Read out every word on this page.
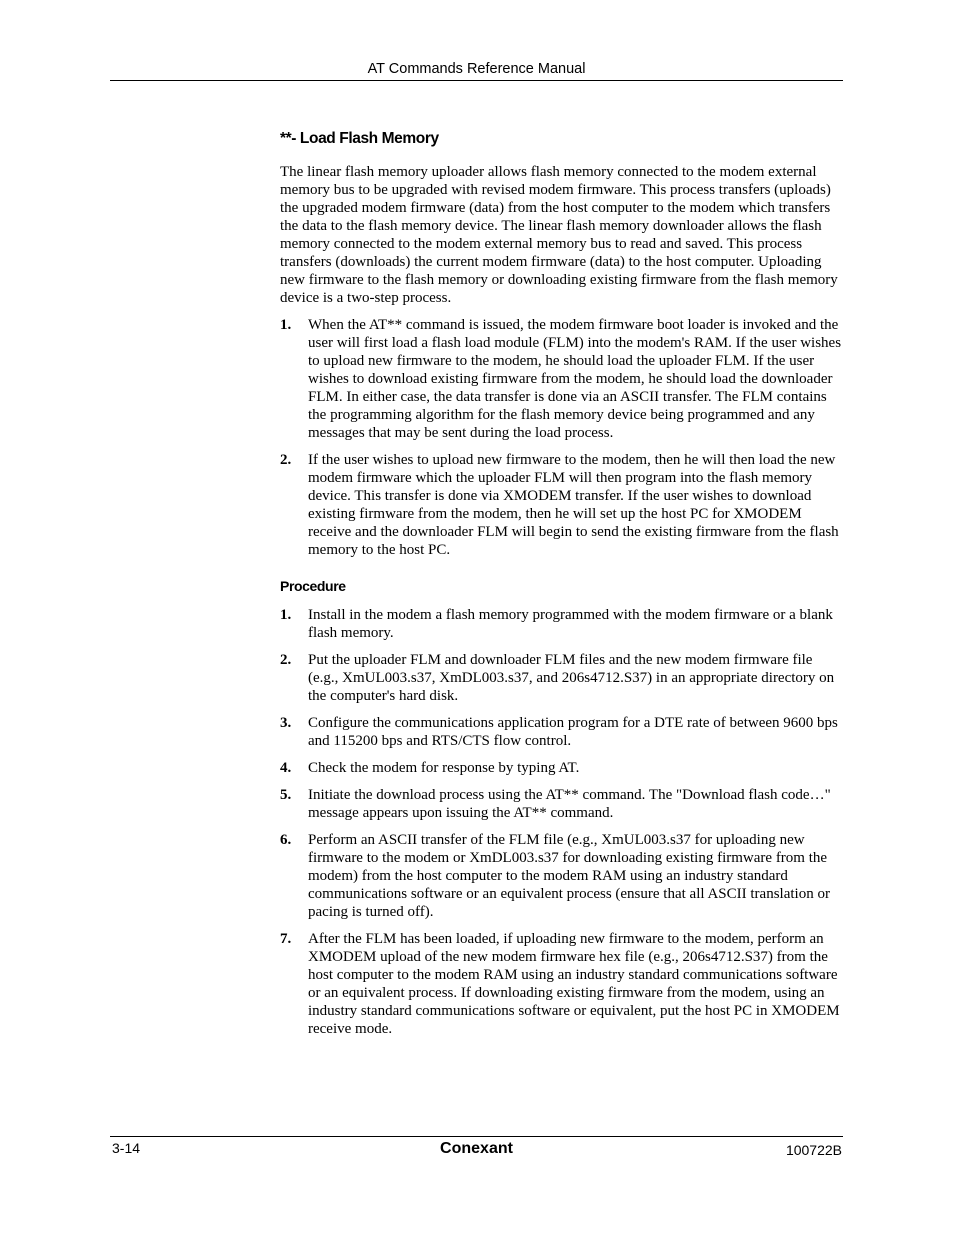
AT Commands Reference Manual
**- Load Flash Memory

The linear flash memory uploader allows flash memory connected to the modem external memory bus to be upgraded with revised modem firmware. This process transfers (uploads) the upgraded modem firmware (data) from the host computer to the modem which transfers the data to the flash memory device. The linear flash memory downloader allows the flash memory connected to the modem external memory bus to read and saved. This process transfers (downloads) the current modem firmware (data) to the host computer. Uploading new firmware to the flash memory or downloading existing firmware from the flash memory device is a two-step process.

1. When the AT** command is issued, the modem firmware boot loader is invoked and the user will first load a flash load module (FLM) into the modem's RAM. If the user wishes to upload new firmware to the modem, he should load the uploader FLM. If the user wishes to download existing firmware from the modem, he should load the downloader FLM. In either case, the data transfer is done via an ASCII transfer. The FLM contains the programming algorithm for the flash memory device being programmed and any messages that may be sent during the load process.
2. If the user wishes to upload new firmware to the modem, then he will then load the new modem firmware which the uploader FLM will then program into the flash memory device. This transfer is done via XMODEM transfer. If the user wishes to download existing firmware from the modem, then he will set up the host PC for XMODEM receive and the downloader FLM will begin to send the existing firmware from the flash memory to the host PC.
Procedure
1. Install in the modem a flash memory programmed with the modem firmware or a blank flash memory.
2. Put the uploader FLM and downloader FLM files and the new modem firmware file (e.g., XmUL003.s37, XmDL003.s37, and 206s4712.S37) in an appropriate directory on the computer's hard disk.
3. Configure the communications application program for a DTE rate of between 9600 bps and 115200 bps and RTS/CTS flow control.
4. Check the modem for response by typing AT.
5. Initiate the download process using the AT** command. The "Download flash code…" message appears upon issuing the AT** command.
6. Perform an ASCII transfer of the FLM file (e.g., XmUL003.s37 for uploading new firmware to the modem or XmDL003.s37 for downloading existing firmware from the modem) from the host computer to the modem RAM using an industry standard communications software or an equivalent process (ensure that all ASCII translation or pacing is turned off).
7. After the FLM has been loaded, if uploading new firmware to the modem, perform an XMODEM upload of the new modem firmware hex file (e.g., 206s4712.S37) from the host computer to the modem RAM using an industry standard communications software or an equivalent process. If downloading existing firmware from the modem, using an industry standard communications software or equivalent, put the host PC in XMODEM receive mode.
3-14	Conexant	100722B
